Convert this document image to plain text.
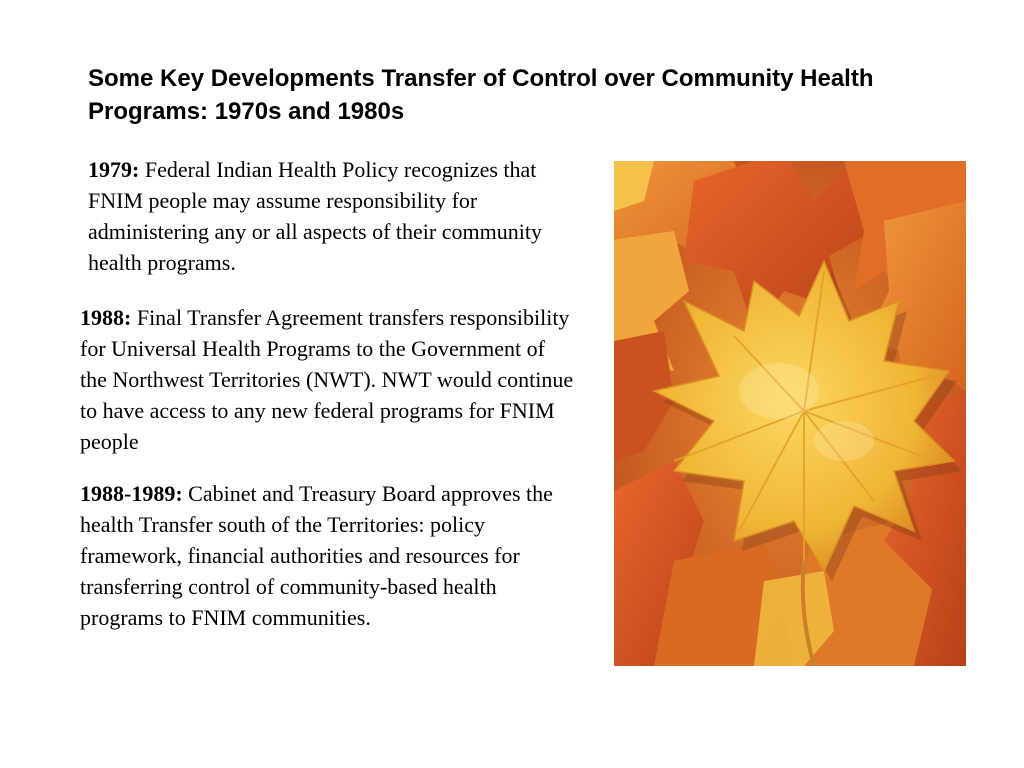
Some Key Developments Transfer of Control over Community Health Programs: 1970s and 1980s

1979: Federal Indian Health Policy recognizes that FNIM people may assume responsibility for administering any or all aspects of their community health programs.

1988: Final Transfer Agreement transfers responsibility for Universal Health Programs to the Government of the Northwest Territories (NWT). NWT would continue to have access to any new federal programs for FNIM people

1988-1989: Cabinet and Treasury Board approves the health Transfer south of the Territories: policy framework, financial authorities and resources for transferring control of community-based health programs to FNIM communities.
